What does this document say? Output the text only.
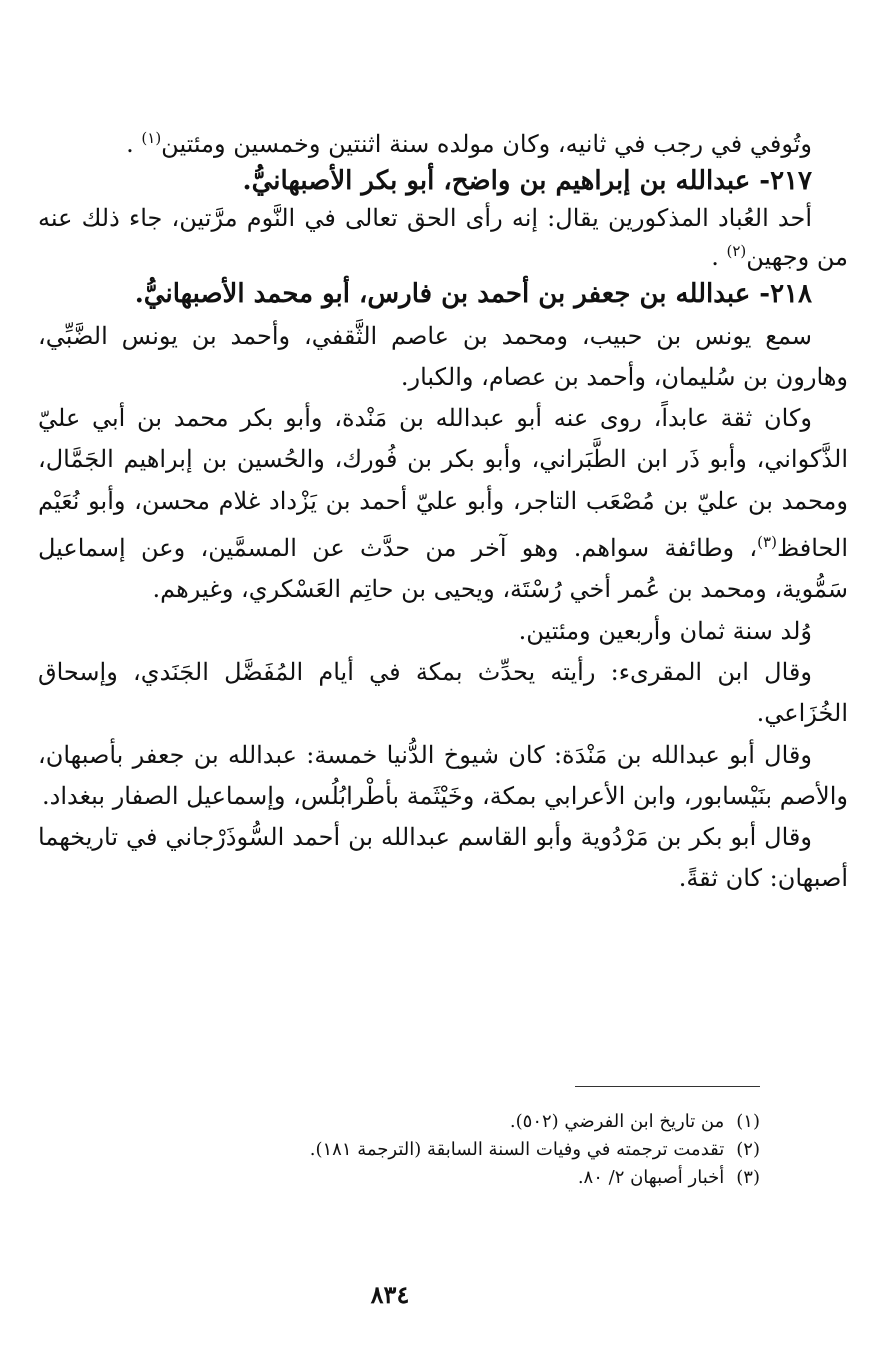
وتُوفي في رجب في ثانيه، وكان مولده سنة اثنتين وخمسين ومئتين$^{(١)}$ .

٢١٧- عبدالله بن إبراهيم بن واضح، أبو بكر الأصبهانيُّ.

أحد العُباد المذكورين يقال: إنه رأى الحق تعالى في النَّوم مرَّتين، جاء ذلك عنه من وجهين$^{(٢)}$ .

٢١٨- عبدالله بن جعفر بن أحمد بن فارس، أبو محمد الأصبهانيُّ.

سمع يونس بن حبيب، ومحمد بن عاصم الثَّقفي، وأحمد بن يونس الضَّبِّي، وهارون بن سُليمان، وأحمد بن عصام، والكبار.

وكان ثقة عابداً، روى عنه أبو عبدالله بن مَنْدة، وأبو بكر محمد بن أبي عليّ الذَّكواني، وأبو ذَر ابن الطَّبَراني، وأبو بكر بن فُورك، والحُسين بن إبراهيم الجَمَّال، ومحمد بن عليّ بن مُصْعَب التاجر، وأبو عليّ أحمد بن يَزْداد غلام محسن، وأبو نُعَيْم الحافظ$^{(٣)}$، وطائفة سواهم. وهو آخر من حدَّث عن المسمَّين، وعن إسماعيل سَمُّوية، ومحمد بن عُمر أخي رُسْتَة، ويحيى بن حاتِم العَسْكري، وغيرهم.

وُلد سنة ثمان وأربعين ومئتين.

وقال ابن المقرىء: رأيته يحدِّث بمكة في أيام المُفَضَّل الجَنَدي، وإسحاق الخُزَاعي.

وقال أبو عبدالله بن مَنْدَة: كان شيوخ الدُّنيا خمسة: عبدالله بن جعفر بأصبهان، والأصم بنَيْسابور، وابن الأعرابي بمكة، وخَيْثَمة بأطْرابُلُس، وإسماعيل الصفار ببغداد.

وقال أبو بكر بن مَرْدُوية وأبو القاسم عبدالله بن أحمد السُّوذَرْجاني في تاريخهما أصبهان: كان ثقةً.

(١) من تاريخ ابن الفرضي (٥٠٢).

(٢) تقدمت ترجمته في وفيات السنة السابقة (الترجمة ١٨١).

(٣) أخبار أصبهان ٢/ ٨٠.

٨٣٤
